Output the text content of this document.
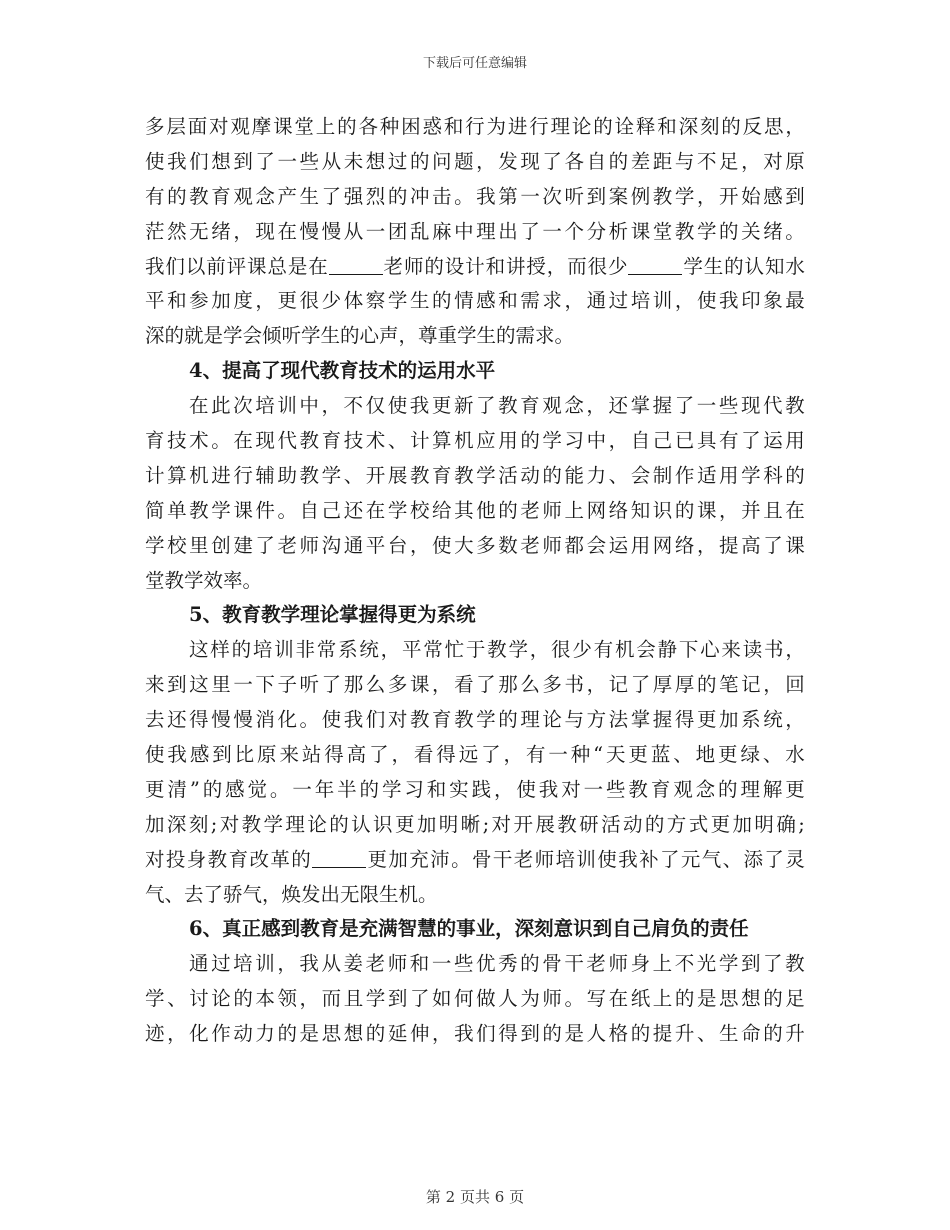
下载后可任意编辑
多 层 面 对 观 摩 课 堂 上 的 各 种 困 惑 和 行 为 进 行 理 论 的 诠 释 和 深 刻 的 反 思 ，
使 我 们 想 到 了 一 些 从 未 想 过 的 问 题 ， 发 现 了 各 自 的 差 距 与 不 足 ， 对 原
有 的 教 育 观 念 产 生 了 强 烈 的 冲 击 。 我 第 一 次 听 到 案 例 教 学 ， 开 始 感 到
茫 然 无 绪 ， 现 在 慢 慢 从 一 团 乱 麻 中 理 出 了 一 个 分 析 课 堂 教 学 的 关 绪 。
我 们 以 前 评 课 总 是 在	老 师 的 设 计 和 讲 授 ， 而 很 少	学 生 的 认 知 水
平 和 参 加 度 ， 更 很 少 体 察 学 生 的 情 感 和 需 求 ， 通 过 培 训 ， 使 我 印 象 最
深的就是学会倾听学生的心声，尊重学生的需求。
4、提高了现代教育技术的运用水平
在 此 次 培 训 中 ， 不 仅 使 我 更 新 了 教 育 观 念 ， 还 掌 握 了 一 些 现 代 教
育 技 术 。 在 现 代 教 育 技 术 、 计 算 机 应 用 的 学 习 中 ， 自 己 已 具 有 了 运 用
计 算 机 进 行 辅 助 教 学 、 开 展 教 育 教 学 活 动 的 能 力 、 会 制 作 适 用 学 科 的
简 单 教 学 课 件 。 自 己 还 在 学 校 给 其 他 的 老 师 上 网 络 知 识 的 课 ， 并 且 在
学 校 里 创 建 了 老 师 沟 通 平 台 ， 使 大 多 数 老 师 都 会 运 用 网 络 ， 提 高 了 课
堂教学效率。
5、教育教学理论掌握得更为系统
这 样 的 培 训 非 常 系 统 ， 平 常 忙 于 教 学 ， 很 少 有 机 会 静 下 心 来 读 书 ，
来 到 这 里 一 下 子 听 了 那 么 多 课 ， 看 了 那 么 多 书 ， 记 了 厚 厚 的 笔 记 ， 回
去 还 得 慢 慢 消 化 。 使 我 们 对 教 育 教 学 的 理 论 与 方 法 掌 握 得 更 加 系 统 ，
使 我 感 到 比 原 来 站 得 高 了 ， 看 得 远 了 ， 有 一 种 “ 天 更 蓝 、 地 更 绿 、 水
更 清 ” 的 感 觉 。 一 年 半 的 学 习 和 实 践 ， 使 我 对 一 些 教 育 观 念 的 理 解 更
加 深 刻 ; 对 教 学 理 论 的 认 识 更 加 明 晰 ; 对 开 展 教 研 活 动 的 方 式 更 加 明 确 ;
对 投 身 教 育 改 革 的	更 加 充 沛 。 骨 干 老 师 培 训 使 我 补 了 元 气 、 添 了 灵
气、去了骄气，焕发出无限生机。
6、真正感到教育是充满智慧的事业，深刻意识到自己肩负的责任
通 过 培 训 ， 我 从 姜 老 师 和 一 些 优 秀 的 骨 干 老 师 身 上 不 光 学 到 了 教
学 、 讨 论 的 本 领 ， 而 且 学 到 了 如 何 做 人 为 师 。 写 在 纸 上 的 是 思 想 的 足
迹 ， 化 作 动 力 的 是 思 想 的 延 伸 ， 我 们 得 到 的 是 人 格 的 提 升 、 生 命 的 升
第 2 页共 6 页
